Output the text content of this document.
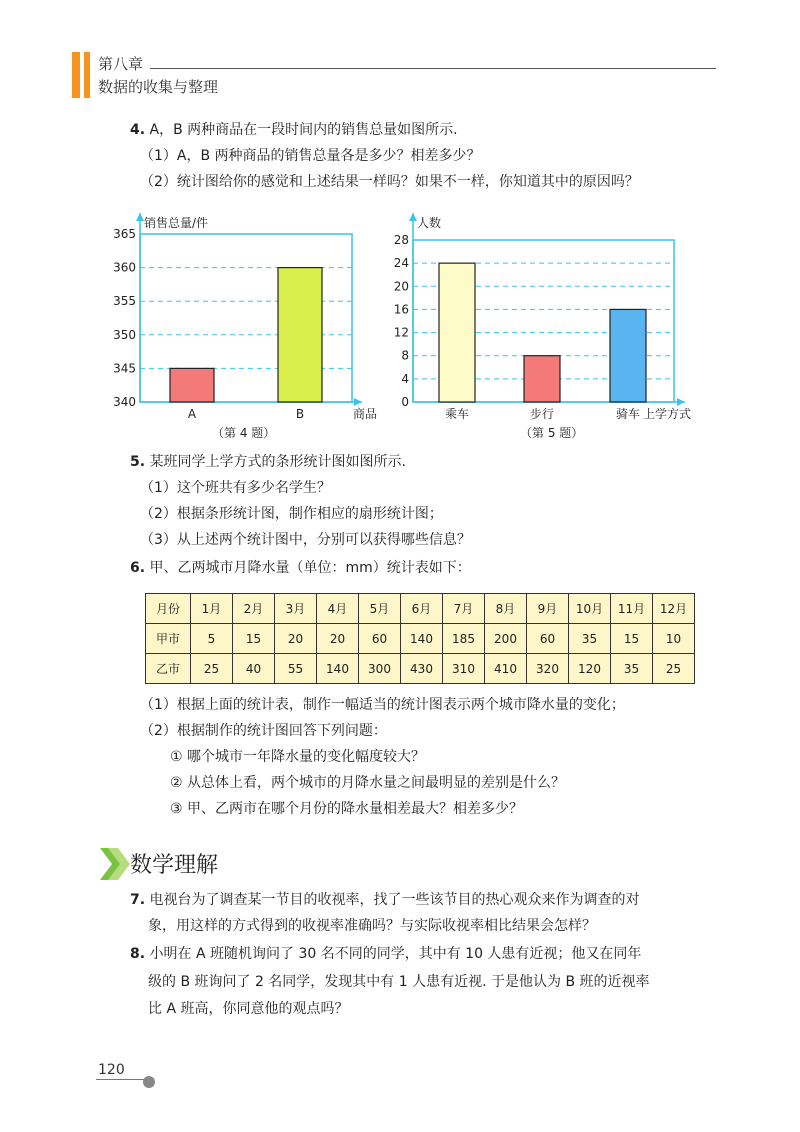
第八章
数据的收集与整理
4. A，B 两种商品在一段时间内的销售总量如图所示.
（1）A，B 两种商品的销售总量各是多少？相差多少？
（2）统计图给你的感觉和上述结果一样吗？如果不一样，你知道其中的原因吗？
340
345
350
355
360
365
A	B
销售总量/件
商品
（第 4 题）
0
4
8
12
16
20
24
28
乘车	步行	骑车
人数
上学方式
（第 5 题）
5. 某班同学上学方式的条形统计图如图所示.
（1）这个班共有多少名学生？
（2）根据条形统计图，制作相应的扇形统计图；
（3）从上述两个统计图中，分别可以获得哪些信息？
6. 甲、乙两城市月降水量（单位：mm）统计表如下：
月份	1月	2月	3月	4月	5月	6月	7月	8月	9月	10月	11月	12月
甲市	5	15	20	20	60	140	185	200	60	35	15	10
乙市	25	40	55	140	300	430	310	410	320	120	35	25
（1）根据上面的统计表，制作一幅适当的统计图表示两个城市降水量的变化；
（2）根据制作的统计图回答下列问题：
① 哪个城市一年降水量的变化幅度较大？
② 从总体上看，两个城市的月降水量之间最明显的差别是什么？
③ 甲、乙两市在哪个月份的降水量相差最大？相差多少？
数学理解
7. 电视台为了调查某一节目的收视率，找了一些该节目的热心观众来作为调查的对
象，用这样的方式得到的收视率准确吗？与实际收视率相比结果会怎样？
8. 小明在 A 班随机询问了 30 名不同的同学，其中有 10 人患有近视；他又在同年
级的 B 班询问了 2 名同学，发现其中有 1 人患有近视. 于是他认为 B 班的近视率
比 A 班高，你同意他的观点吗？
120
